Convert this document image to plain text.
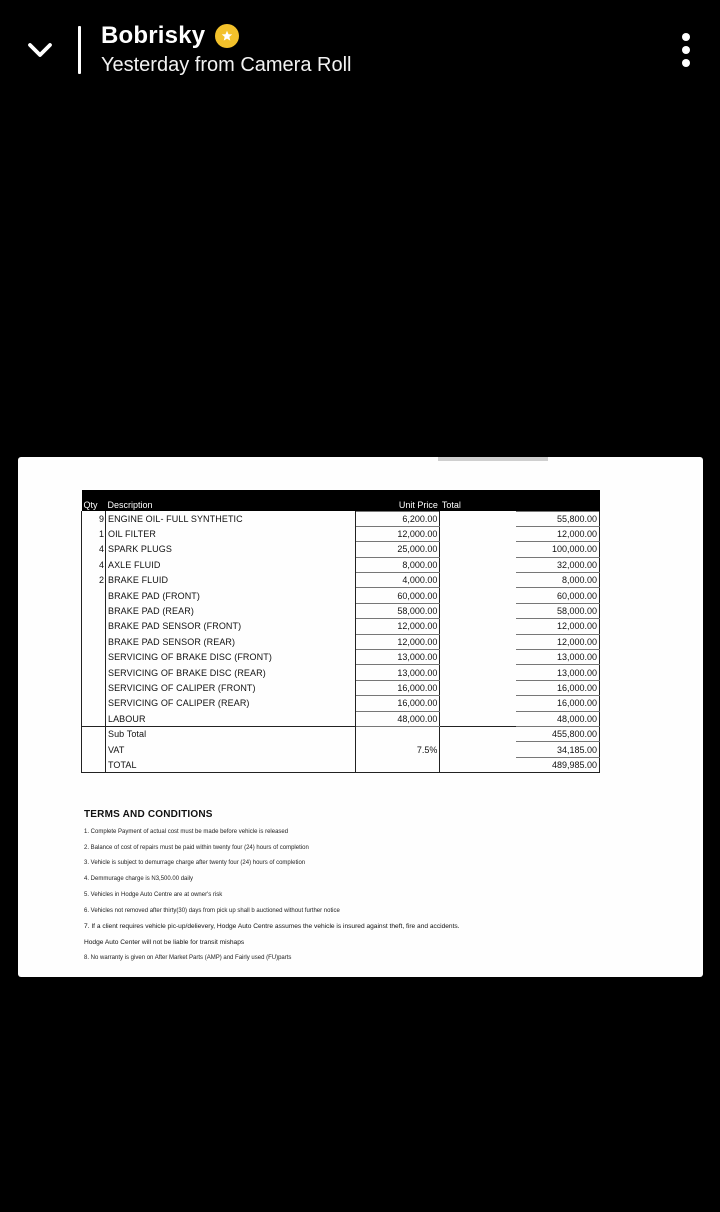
Bobrisky
Yesterday from Camera Roll
Qty	Description	Unit Price	Total	
9	ENGINE OIL- FULL SYNTHETIC	6,200.00		55,800.00
1	OIL FILTER	12,000.00		12,000.00
4	SPARK PLUGS	25,000.00		100,000.00
4	AXLE FLUID	8,000.00		32,000.00
2	BRAKE FLUID	4,000.00		8,000.00
	BRAKE PAD (FRONT)	60,000.00		60,000.00
	BRAKE PAD (REAR)	58,000.00		58,000.00
	BRAKE PAD SENSOR (FRONT)	12,000.00		12,000.00
	BRAKE PAD SENSOR (REAR)	12,000.00		12,000.00
	SERVICING OF BRAKE DISC (FRONT)	13,000.00		13,000.00
	SERVICING OF BRAKE DISC (REAR)	13,000.00		13,000.00
	SERVICING OF CALIPER (FRONT)	16,000.00		16,000.00
	SERVICING OF CALIPER (REAR)	16,000.00		16,000.00
	LABOUR	48,000.00		48,000.00
	Sub Total			455,800.00
	VAT	7.5%		34,185.00
	TOTAL			489,985.00
TERMS AND CONDITIONS
1. Complete Payment of actual cost must be made before vehicle is released
2. Balance of cost of repairs must be paid within twenty four (24) hours of completion
3. Vehicle is subject to demurrage charge after twenty four (24) hours of completion
4. Demmurage charge is N3,500.00 daily
5. Vehicles in Hodge Auto Centre are at owner's risk
6. Vehicles not removed after thirty(30) days from pick up shall b auctioned without further notice
7. If a client requires vehicle pic-up/delievery, Hodge Auto Centre assumes the vehicle is insured against theft, fire and accidents.
Hodge Auto Center will not be liable for transit mishaps
8. No warranty is given on After Market Parts (AMP) and Fairly used (FU)parts
